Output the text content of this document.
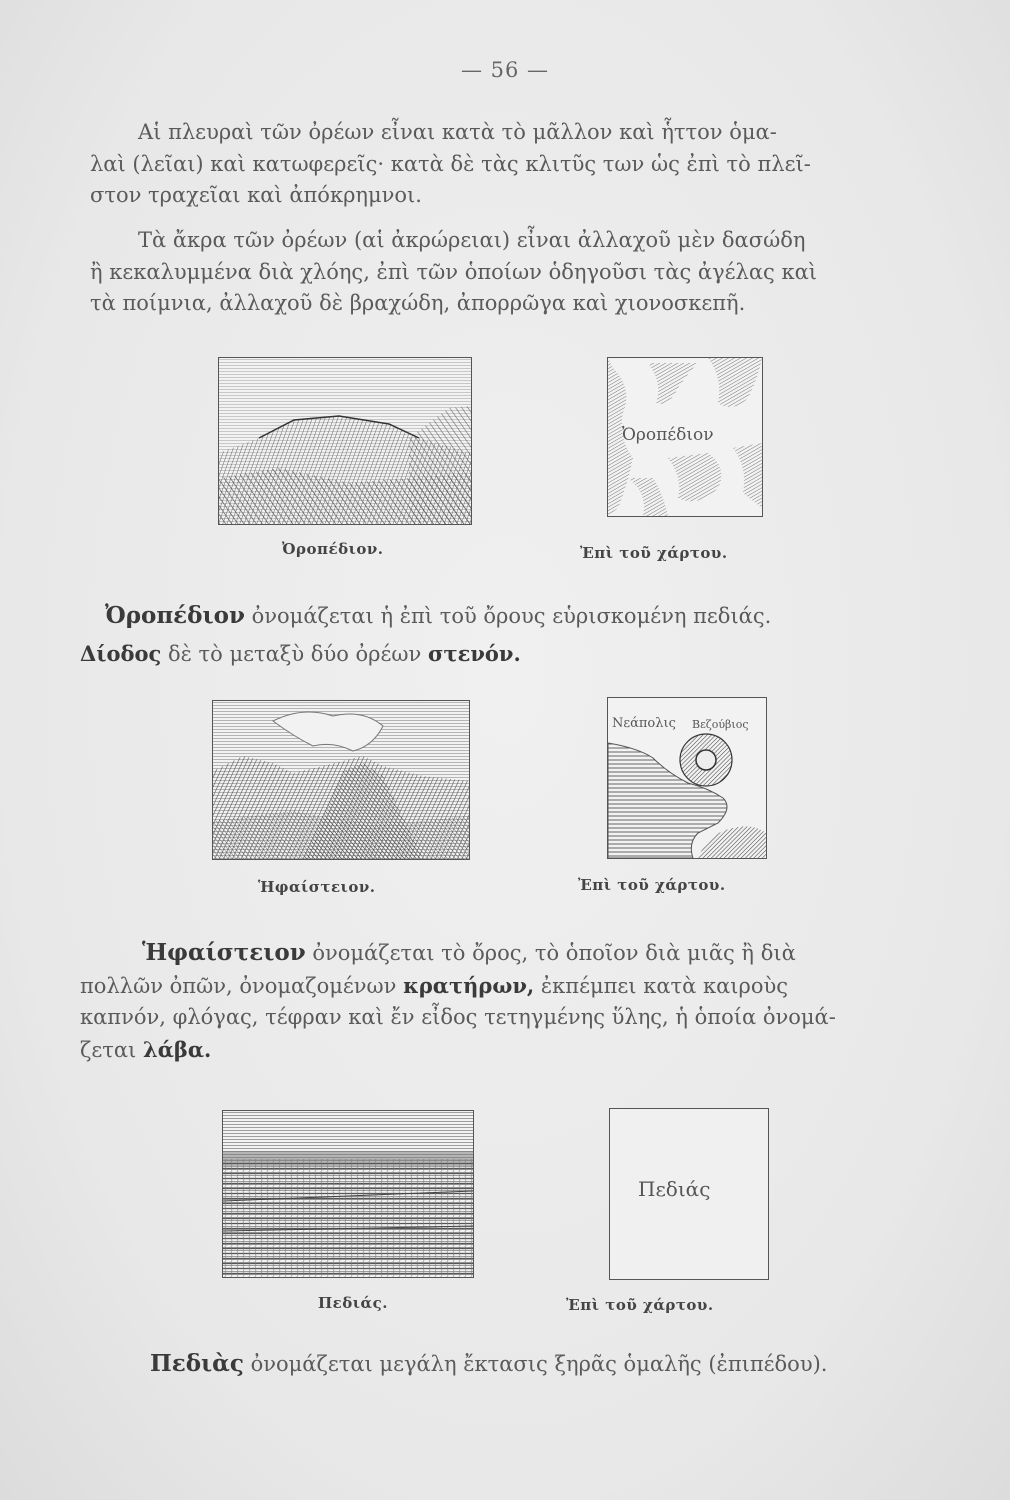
— 56 —
Αἱ πλευραὶ τῶν ὀρέων εἶναι κατὰ τὸ μᾶλλον καὶ ἧττον ὁμα-
λαὶ (λεῖαι) καὶ κατωφερεῖς· κατὰ δὲ τὰς κλιτῦς των ὡς ἐπὶ τὸ πλεῖ-
στον τραχεῖαι καὶ ἀπόκρημνοι.
Τὰ ἄκρα τῶν ὀρέων (αἱ ἀκρώρειαι) εἶναι ἀλλαχοῦ μὲν δασώδη
ἢ κεκαλυμμένα διὰ χλόης, ἐπὶ τῶν ὁποίων ὁδηγοῦσι τὰς ἀγέλας καὶ
τὰ ποίμνια, ἀλλαχοῦ δὲ βραχώδη, ἀπορρῶγα καὶ χιονοσκεπῆ.
Ὀροπέδιον.
Ὀροπέδιον
Ἐπὶ τοῦ χάρτου.
Ὀροπέδιον ὀνομάζεται ἡ ἐπὶ τοῦ ὄρους εὑρισκομένη πεδιάς.
Δίοδος δὲ τὸ μεταξὺ δύο ὀρέων στενόν.
Ἡφαίστειον.
Νεάπολις Βεζούβιος
Ἐπὶ τοῦ χάρτου.
Ἡφαίστειον ὀνομάζεται τὸ ὄρος, τὸ ὁποῖον διὰ μιᾶς ἢ διὰ
πολλῶν ὀπῶν, ὀνομαζομένων κρατήρων, ἐκπέμπει κατὰ καιροὺς
καπνόν, φλόγας, τέφραν καὶ ἔν εἶδος τετηγμένης ὕλης, ἡ ὁποία ὀνομά-
ζεται λάβα.
Πεδιάς.
Πεδιάς
Ἐπὶ τοῦ χάρτου.
Πεδιὰς ὀνομάζεται μεγάλη ἔκτασις ξηρᾶς ὁμαλῆς (ἐπιπέδου).
